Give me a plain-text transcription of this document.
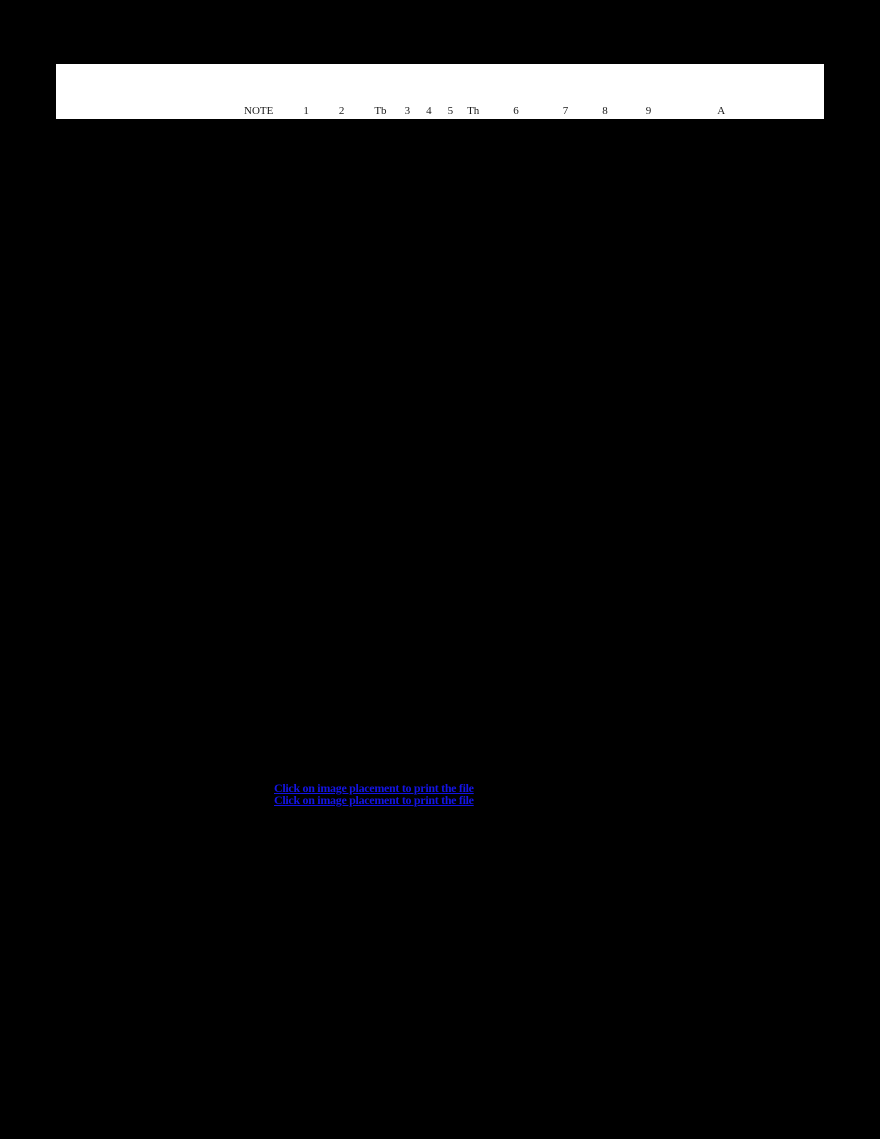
NOTE	1	2	Tb 3 4 5 Th	6	7	8	9	A
Click on image placement to print the file
Click on image placement to print the file
